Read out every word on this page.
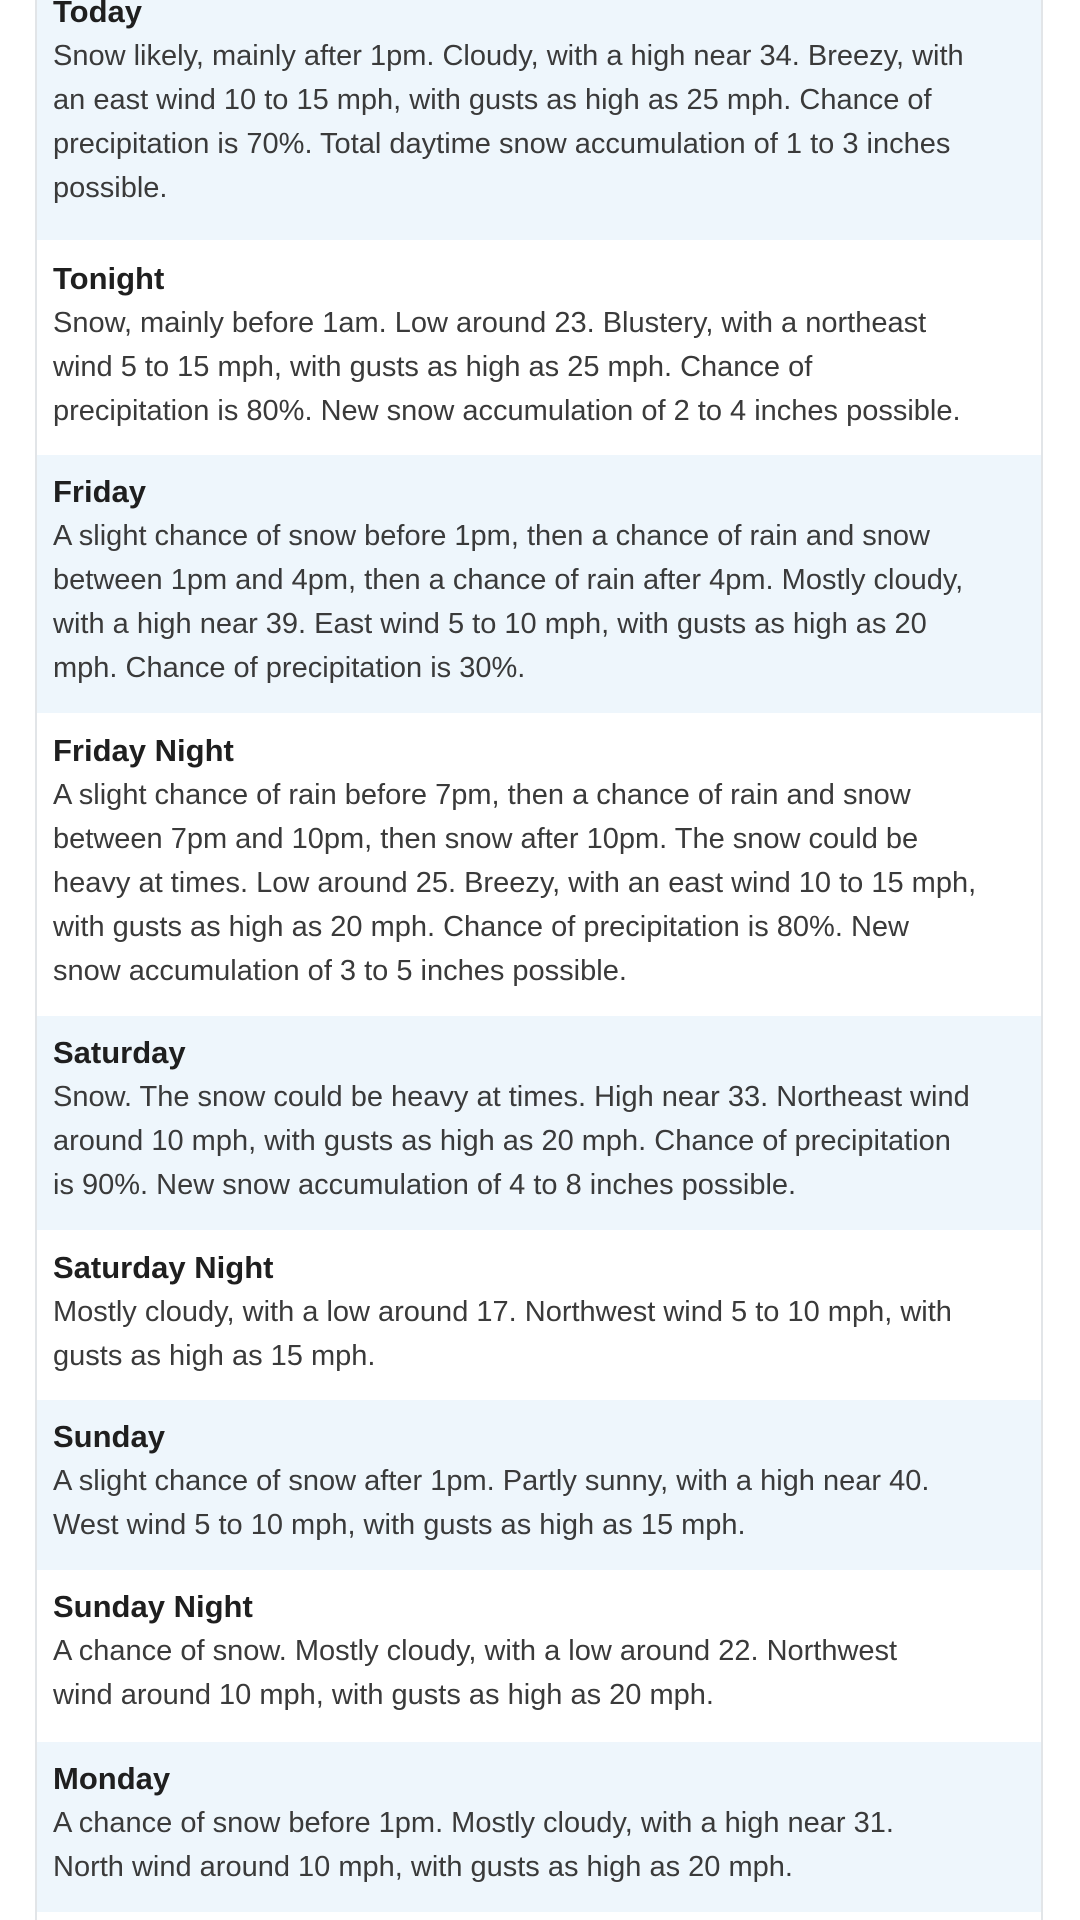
Today
Snow likely, mainly after 1pm. Cloudy, with a high near 34. Breezy, with
an east wind 10 to 15 mph, with gusts as high as 25 mph. Chance of
precipitation is 70%. Total daytime snow accumulation of 1 to 3 inches
possible.
Tonight
Snow, mainly before 1am. Low around 23. Blustery, with a northeast
wind 5 to 15 mph, with gusts as high as 25 mph. Chance of
precipitation is 80%. New snow accumulation of 2 to 4 inches possible.
Friday
A slight chance of snow before 1pm, then a chance of rain and snow
between 1pm and 4pm, then a chance of rain after 4pm. Mostly cloudy,
with a high near 39. East wind 5 to 10 mph, with gusts as high as 20
mph. Chance of precipitation is 30%.
Friday Night
A slight chance of rain before 7pm, then a chance of rain and snow
between 7pm and 10pm, then snow after 10pm. The snow could be
heavy at times. Low around 25. Breezy, with an east wind 10 to 15 mph,
with gusts as high as 20 mph. Chance of precipitation is 80%. New
snow accumulation of 3 to 5 inches possible.
Saturday
Snow. The snow could be heavy at times. High near 33. Northeast wind
around 10 mph, with gusts as high as 20 mph. Chance of precipitation
is 90%. New snow accumulation of 4 to 8 inches possible.
Saturday Night
Mostly cloudy, with a low around 17. Northwest wind 5 to 10 mph, with
gusts as high as 15 mph.
Sunday
A slight chance of snow after 1pm. Partly sunny, with a high near 40.
West wind 5 to 10 mph, with gusts as high as 15 mph.
Sunday Night
A chance of snow. Mostly cloudy, with a low around 22. Northwest
wind around 10 mph, with gusts as high as 20 mph.
Monday
A chance of snow before 1pm. Mostly cloudy, with a high near 31.
North wind around 10 mph, with gusts as high as 20 mph.
